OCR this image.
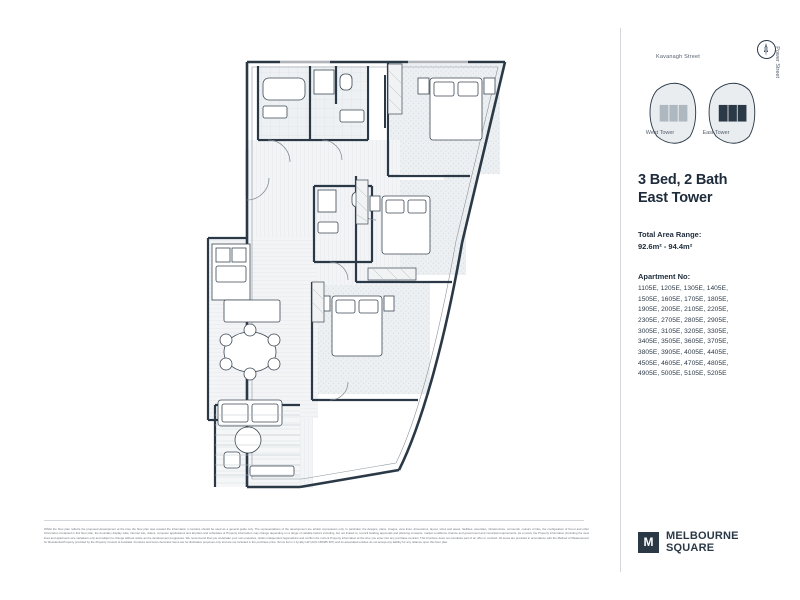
Kavanagh Street	Power Street
West Tower	East Tower
3 Bed, 2 Bath
East Tower
Total Area Range:
92.6m² - 94.4m²
Apartment No:
1105E, 1205E, 1305E, 1405E,
1505E, 1605E, 1705E, 1805E,
1905E, 2005E, 2105E, 2205E,
2305E, 2705E, 2805E, 2905E,
3005E, 3105E, 3205E, 3305E,
3405E, 3505E, 3605E, 3705E,
3805E, 3905E, 4005E, 4405E,
4505E, 4605E, 4705E, 4805E,
4905E, 5005E, 5105E, 5205E
Whilst the floor plan reflects the proposed development at the time the floor plan was created the information it contains should be used as a general guide only. The representations of the development are artistic impressions only. In particular, the designs, plans, images, view lines, dimensions, layout, sizes and areas, facilities, amenities, infrastructure, surrounds, colours of tiles, the configuration of fit-out and other information contained in this floor plan, the boundary display suite, internet site, videos, computer applications and all plans and schedules of Property information may change depending on a range of variable factors including, but not limited to, council building approvals and planning consents, market conditions, finance and government and municipal requirements. As a result, the Property information (including the view lines and apartment size variations only and subject to change without notice as the development progresses. We recommend that you undertake your own enquiries, obtain independent legal advice and confirm the current Property information at the time you enter into any purchase contract. This brochure does not constitute part of an offer or contract. All areas are provided in accordance with the Method of Measurement for Residential Property provided by the Property Council of Australia. Furniture and items decorator items are for illustrative purposes only and are not included in the purchase price. Terms Form 1 by Etty LW (ACN 165465 307) and its associated entities do not accept any liability for any reliance upon this floor plan.	M	MELBOURNE
SQUARE
